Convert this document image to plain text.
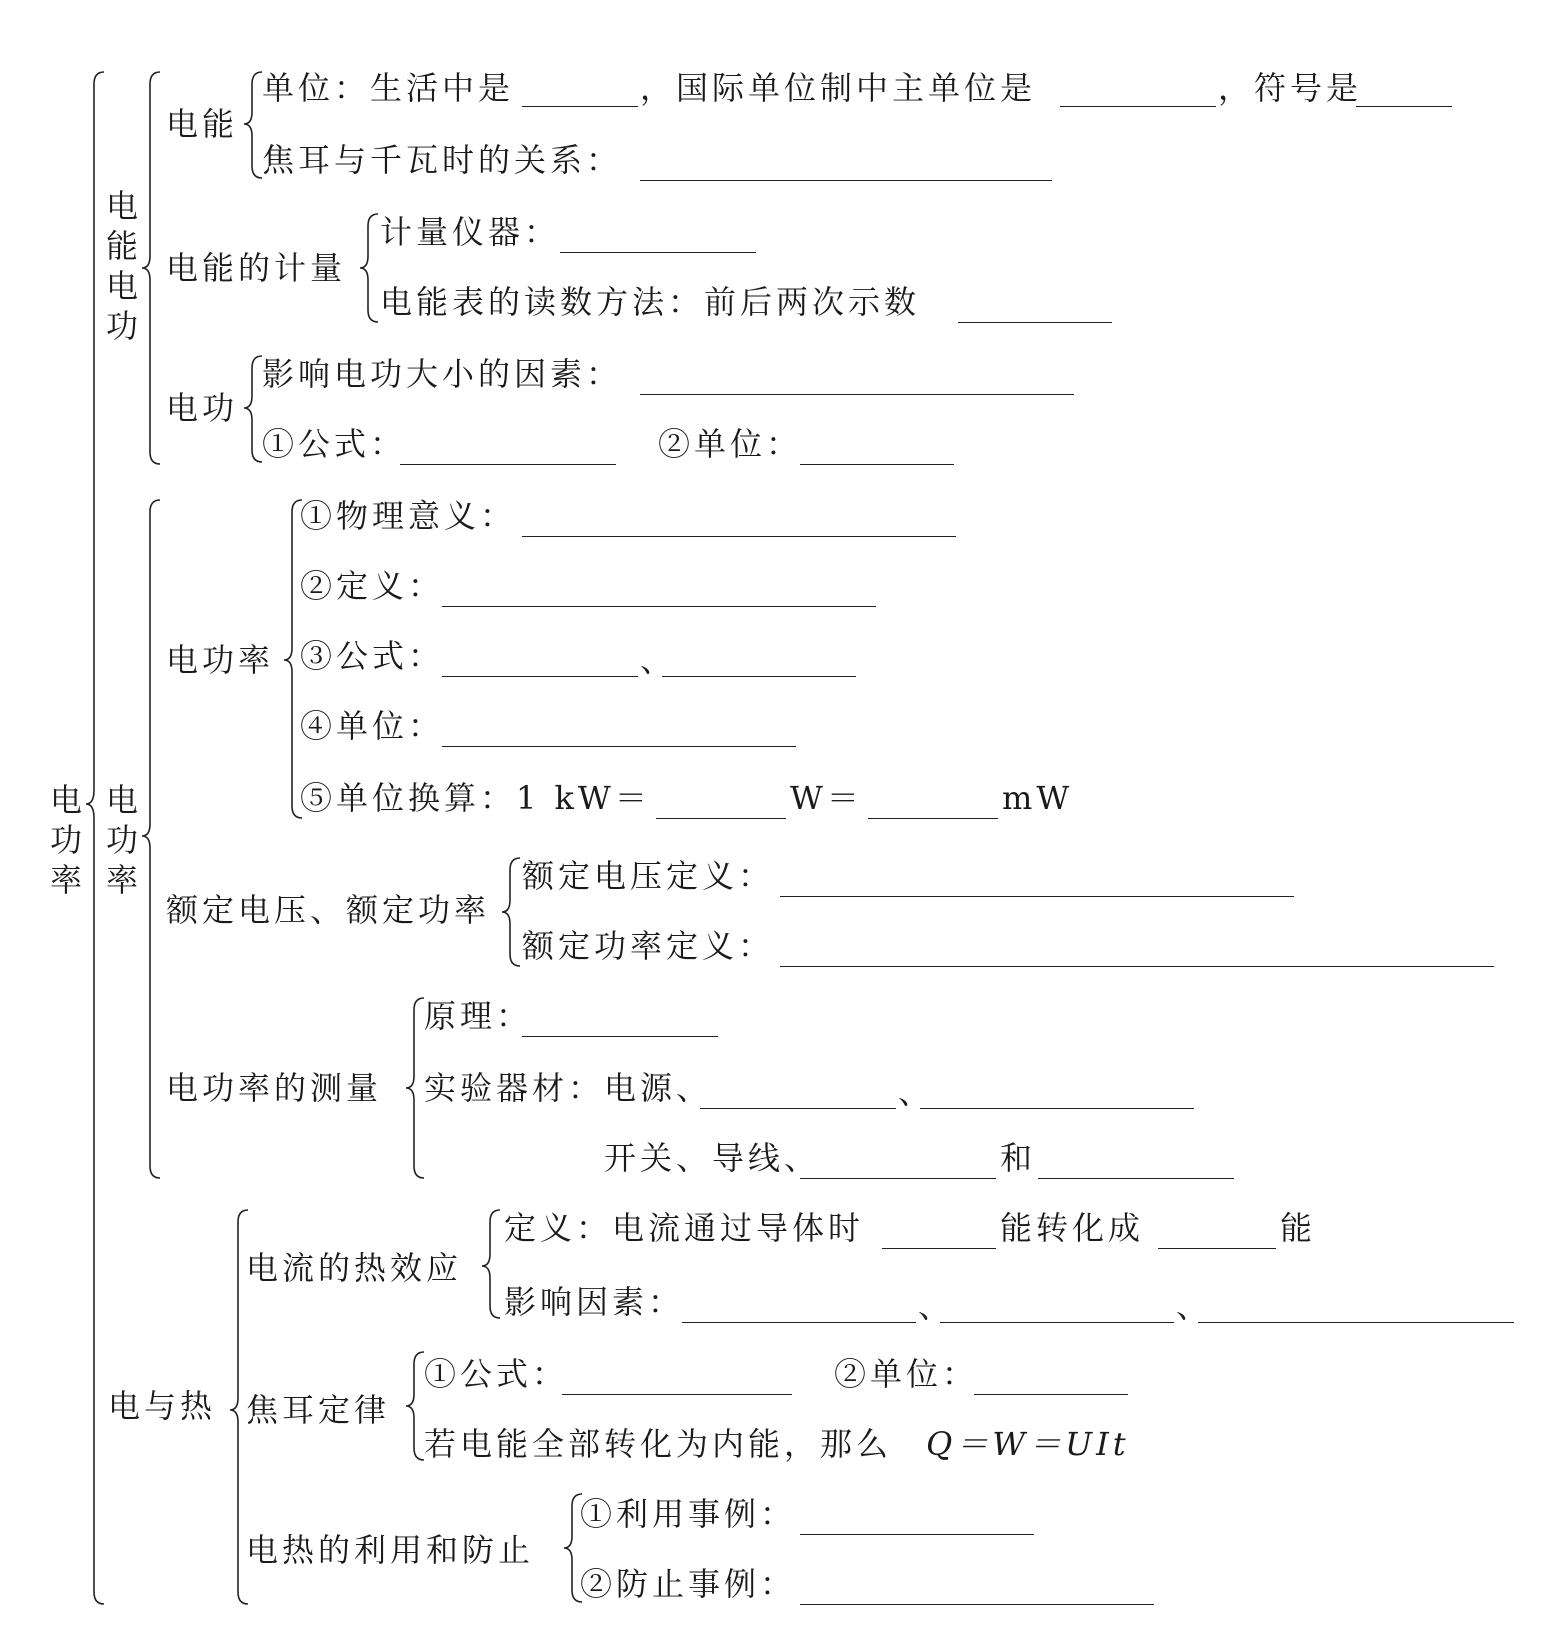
电
功
率
电
能
电
功
电能
单位：生活中是	，国际单位制中主单位是	，符号是
焦耳与千瓦时的关系：
电能的计量
计量仪器：
电能表的读数方法：前后两次示数
电功
影响电功大小的因素：
①公式：	②单位：
电
功
率
电功率
①物理意义：
②定义：
③公式：	、
④单位：
⑤单位换算：1 kW＝	W＝	mW
额定电压、额定功率
额定电压定义：
额定功率定义：
电功率的测量
原理：
实验器材：电源、	、
开关、导线、	和
电与热
电流的热效应
定义：电流通过导体时	能转化成	能
影响因素：	、	、
焦耳定律
①公式：	②单位：
若电能全部转化为内能，那么 Q＝W＝UIt
电热的利用和防止
①利用事例：
②防止事例：
